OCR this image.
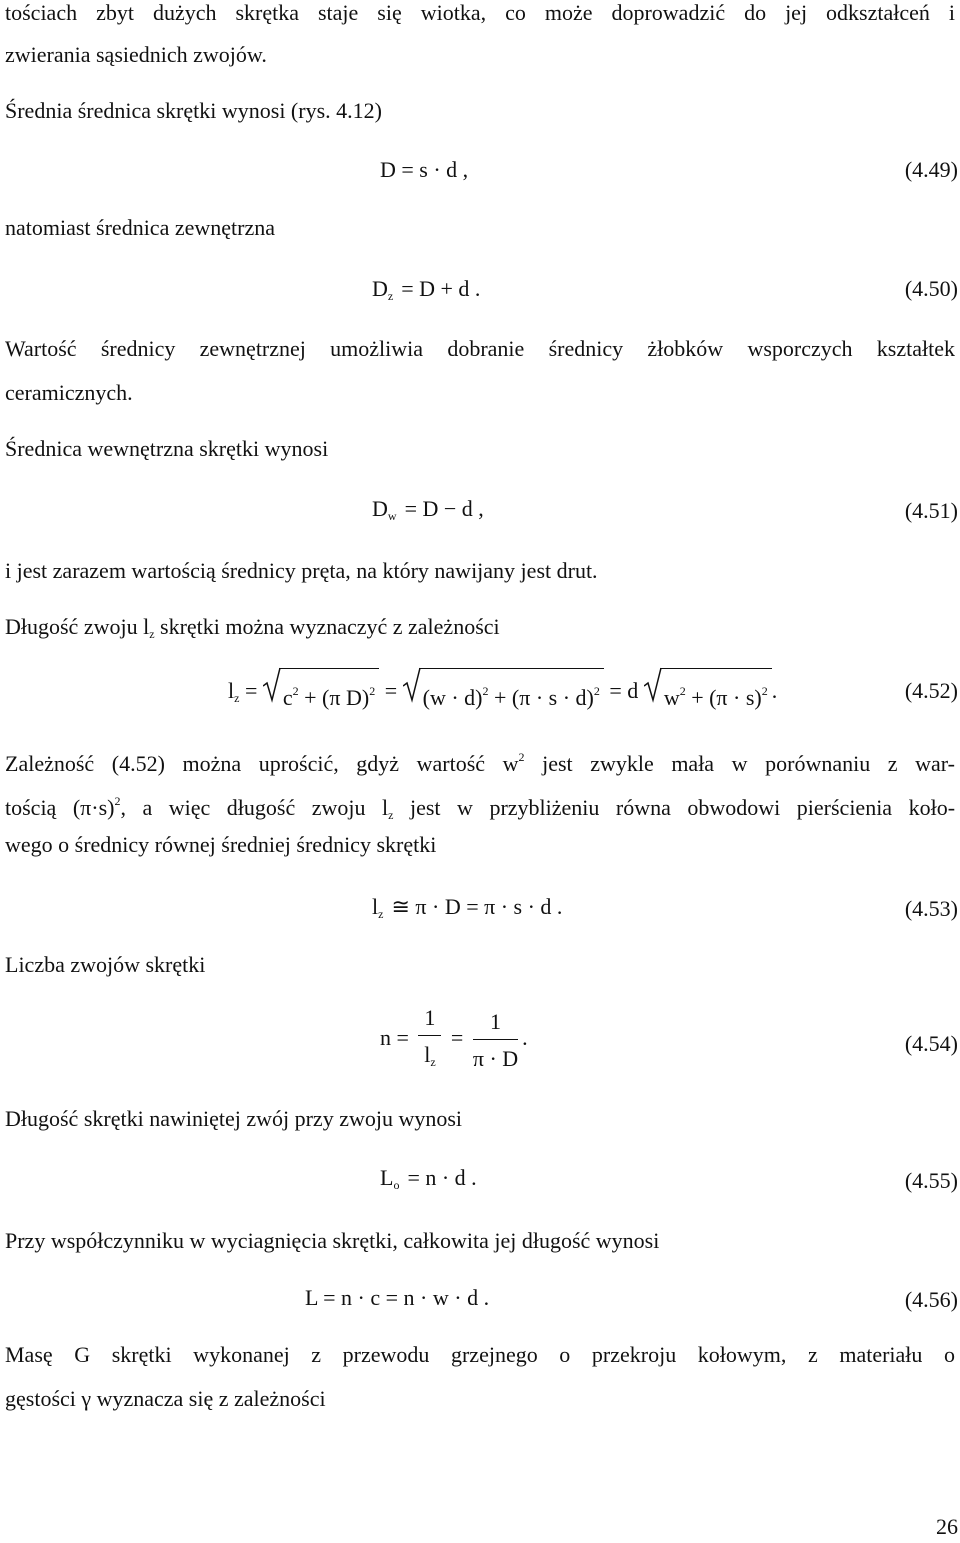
tościach zbyt dużych skrętka staje się wiotka, co może doprowadzić do jej odkształceń i
zwierania sąsiednich zwojów.
Średnia średnica skrętki wynosi (rys. 4.12)
D = s · d ,	(4.49)
natomiast średnica zewnętrzna
$D_z = D + d$ .	(4.50)
Wartość średnicy zewnętrznej umożliwia dobranie średnicy żłobków wsporczych kształtek
ceramicznych.
Średnica wewnętrzna skrętki wynosi
$D_w = D - d$ ,	(4.51)
i jest zarazem wartością średnicy pręta, na który nawijany jest drut.
Długość zwoju $l_z$ skrętki można wyznaczyć z zależności
$l_z = c^2 + (\pi$ $D)^2 = (w \cdot d)^2 + (\pi \cdot s \cdot d)^2 = d$ $w^2 + (\pi \cdot s)^2$ .	(4.52)
Zależność (4.52) można uprościć, gdyż wartość $w^2$ jest zwykle mała w porównaniu z war-
tością $(\pi\cdot s)^2$, a więc długość zwoju $l_z$ jest w przybliżeniu równa obwodowi pierścienia koło-
wego o średnicy równej średniej średnicy skrętki
$l_z$ ≅ π · D = π · s · d .	(4.53)
Liczba zwojów skrętki
$n = \frac{1}{l_z} = \frac{1}{\pi \cdot D}$ .	(4.54)
Długość skrętki nawiniętej zwój przy zwoju wynosi
$L_o = n \cdot d$ .	(4.55)
Przy współczynniku w wyciagnięcia skrętki, całkowita jej długość wynosi
L = n · c = n · w · d .	(4.56)
Masę G skrętki wykonanej z przewodu grzejnego o przekroju kołowym, z materiału o
gęstości γ wyznacza się z zależności
26
